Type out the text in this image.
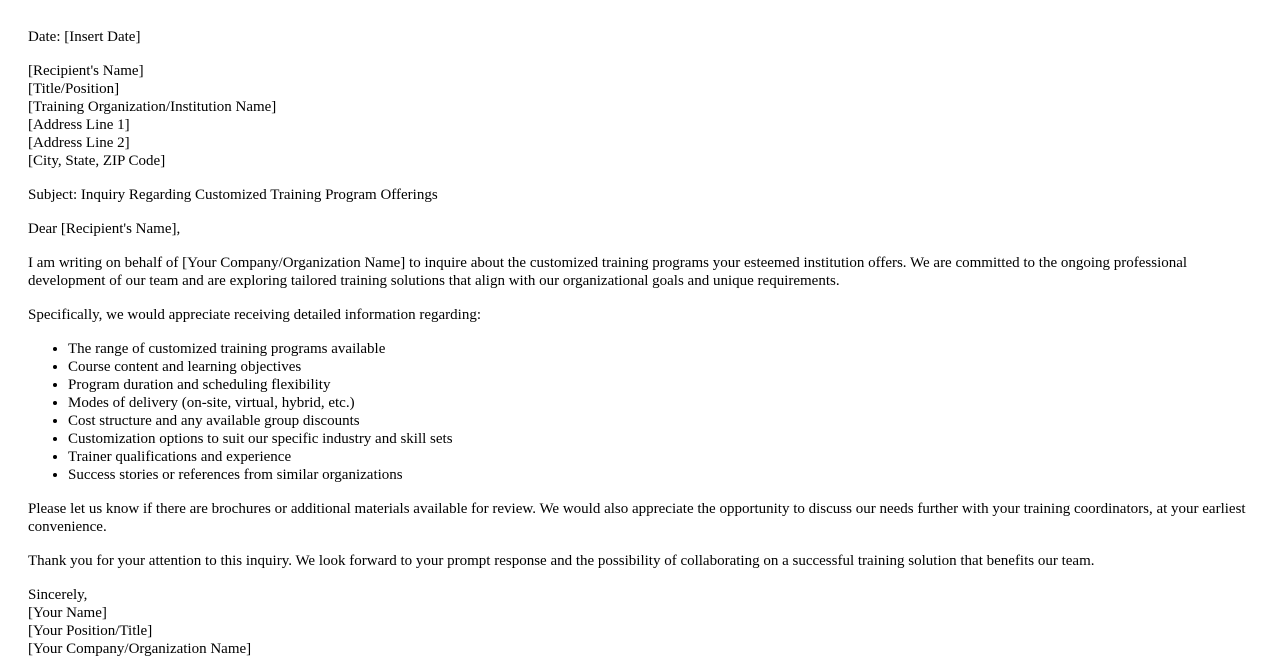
Date: [Insert Date]

[Recipient's Name]
[Title/Position]
[Training Organization/Institution Name]
[Address Line 1]
[Address Line 2]
[City, State, ZIP Code]

Subject: Inquiry Regarding Customized Training Program Offerings

Dear [Recipient's Name],

I am writing on behalf of [Your Company/Organization Name] to inquire about the customized training programs your esteemed institution offers. We are committed to the ongoing professional development of our team and are exploring tailored training solutions that align with our organizational goals and unique requirements.

Specifically, we would appreciate receiving detailed information regarding:

• The range of customized training programs available
• Course content and learning objectives
• Program duration and scheduling flexibility
• Modes of delivery (on-site, virtual, hybrid, etc.)
• Cost structure and any available group discounts
• Customization options to suit our specific industry and skill sets
• Trainer qualifications and experience
• Success stories or references from similar organizations

Please let us know if there are brochures or additional materials available for review. We would also appreciate the opportunity to discuss our needs further with your training coordinators, at your earliest convenience.

Thank you for your attention to this inquiry. We look forward to your prompt response and the possibility of collaborating on a successful training solution that benefits our team.

Sincerely,
[Your Name]
[Your Position/Title]
[Your Company/Organization Name]
